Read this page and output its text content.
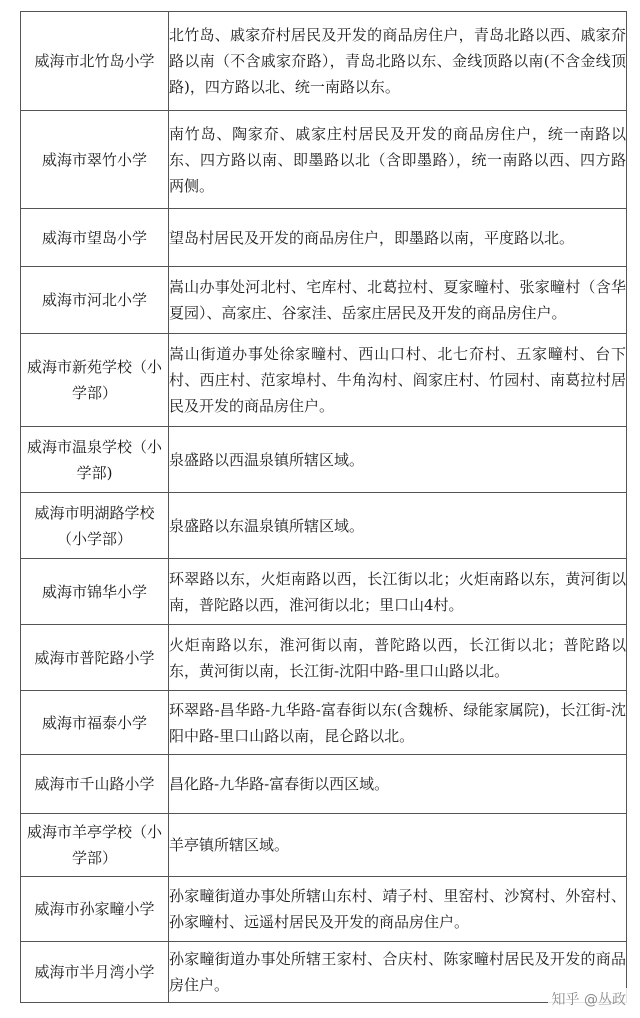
威海市北竹岛小学	北竹岛、戚家夼村居民及开发的商品房住户，青岛北路以西、戚家夼路以南（不含戚家夼路），青岛北路以东、金线顶路以南(不含金线顶路)，四方路以北、统一南路以东。
威海市翠竹小学	南竹岛、陶家夼、戚家庄村居民及开发的商品房住户，统一南路以东、四方路以南、即墨路以北（含即墨路），统一南路以西、四方路两侧。
威海市望岛小学	望岛村居民及开发的商品房住户，即墨路以南，平度路以北。
威海市河北小学	嵩山办事处河北村、宅库村、北葛拉村、夏家疃村、张家疃村（含华夏园）、高家庄、谷家洼、岳家庄居民及开发的商品房住户。
威海市新苑学校（小学部）	嵩山街道办事处徐家疃村、西山口村、北七夼村、五家疃村、台下村、西庄村、范家埠村、牛角沟村、阎家庄村、竹园村、南葛拉村居民及开发的商品房住户。
威海市温泉学校（小学部)	泉盛路以西温泉镇所辖区域。
威海市明湖路学校（小学部）	泉盛路以东温泉镇所辖区域。
威海市锦华小学	环翠路以东，火炬南路以西，长江街以北；火炬南路以东，黄河街以南，普陀路以西，淮河街以北；里口山4村。
威海市普陀路小学	火炬南路以东，淮河街以南，普陀路以西，长江街以北；普陀路以东，黄河街以南，长江街-沈阳中路-里口山路以北。
威海市福泰小学	环翠路-昌华路-九华路-富春街以东(含魏桥、绿能家属院)，长江街-沈阳中路-里口山路以南，昆仑路以北。
威海市千山路小学	昌化路-九华路-富春街以西区域。
威海市羊亭学校（小学部）	羊亭镇所辖区域。
威海市孙家疃小学	孙家疃街道办事处所辖山东村、靖子村、里窑村、沙窝村、外窑村、孙家疃村、远遥村居民及开发的商品房住户。
威海市半月湾小学	孙家疃街道办事处所辖王家村、合庆村、陈家疃村居民及开发的商品房住户。
知乎 @丛政
